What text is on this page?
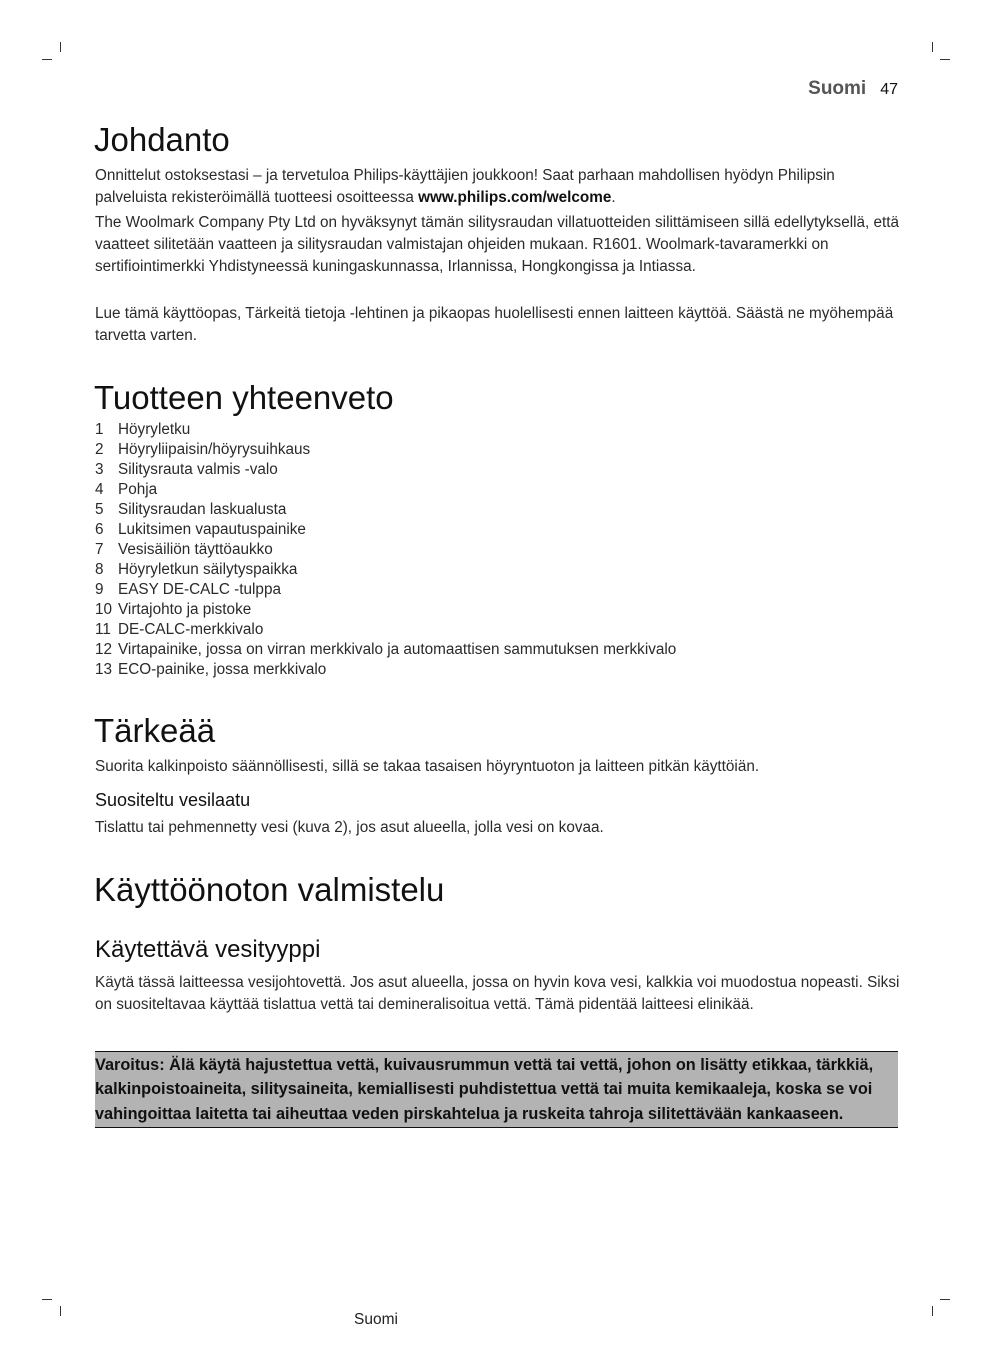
Suomi 47
Johdanto
Onnittelut ostoksestasi – ja tervetuloa Philips-käyttäjien joukkoon! Saat parhaan mahdollisen hyödyn Philipsin palveluista rekisteröimällä tuotteesi osoitteessa www.philips.com/welcome.
The Woolmark Company Pty Ltd on hyväksynyt tämän silitysraudan villatuotteiden silittämiseen sillä edellytyksellä, että vaatteet silitetään vaatteen ja silitysraudan valmistajan ohjeiden mukaan. R1601. Woolmark-tavaramerkki on sertifiointimerkki Yhdistyneessä kuningaskunnassa, Irlannissa, Hongkongissa ja Intiassa.
Lue tämä käyttöopas, Tärkeitä tietoja -lehtinen ja pikaopas huolellisesti ennen laitteen käyttöä. Säästä ne myöhempää tarvetta varten.
Tuotteen yhteenveto
1 Höyryletku
2 Höyryliipaisin/höyrysuihkaus
3 Silitysrauta valmis -valo
4 Pohja
5 Silitysraudan laskualusta
6 Lukitsimen vapautuspainike
7 Vesisäiliön täyttöaukko
8 Höyryletkun säilytyspaikka
9 EASY DE-CALC -tulppa
10 Virtajohto ja pistoke
11 DE-CALC-merkkivalo
12 Virtapainike, jossa on virran merkkivalo ja automaattisen sammutuksen merkkivalo
13 ECO-painike, jossa merkkivalo
Tärkeää
Suorita kalkinpoisto säännöllisesti, sillä se takaa tasaisen höyryntuoton ja laitteen pitkän käyttöiän.
Suositeltu vesilaatu
Tislattu tai pehmennetty vesi (kuva 2), jos asut alueella, jolla vesi on kovaa.
Käyttöönoton valmistelu
Käytettävä vesityyppi
Käytä tässä laitteessa vesijohtovettä. Jos asut alueella, jossa on hyvin kova vesi, kalkkia voi muodostua nopeasti. Siksi on suositeltavaa käyttää tislattua vettä tai demineralisoitua vettä. Tämä pidentää laitteesi elinikää.
Varoitus: Älä käytä hajustettua vettä, kuivausrummun vettä tai vettä, johon on lisätty etikkaa, tärkkiä, kalkinpoistoaineita, silitysaineita, kemiallisesti puhdistettua vettä tai muita kemikaaleja, koska se voi vahingoittaa laitetta tai aiheuttaa veden pirskahtelua ja ruskeita tahroja silitettävään kankaaseen.
Suomi
